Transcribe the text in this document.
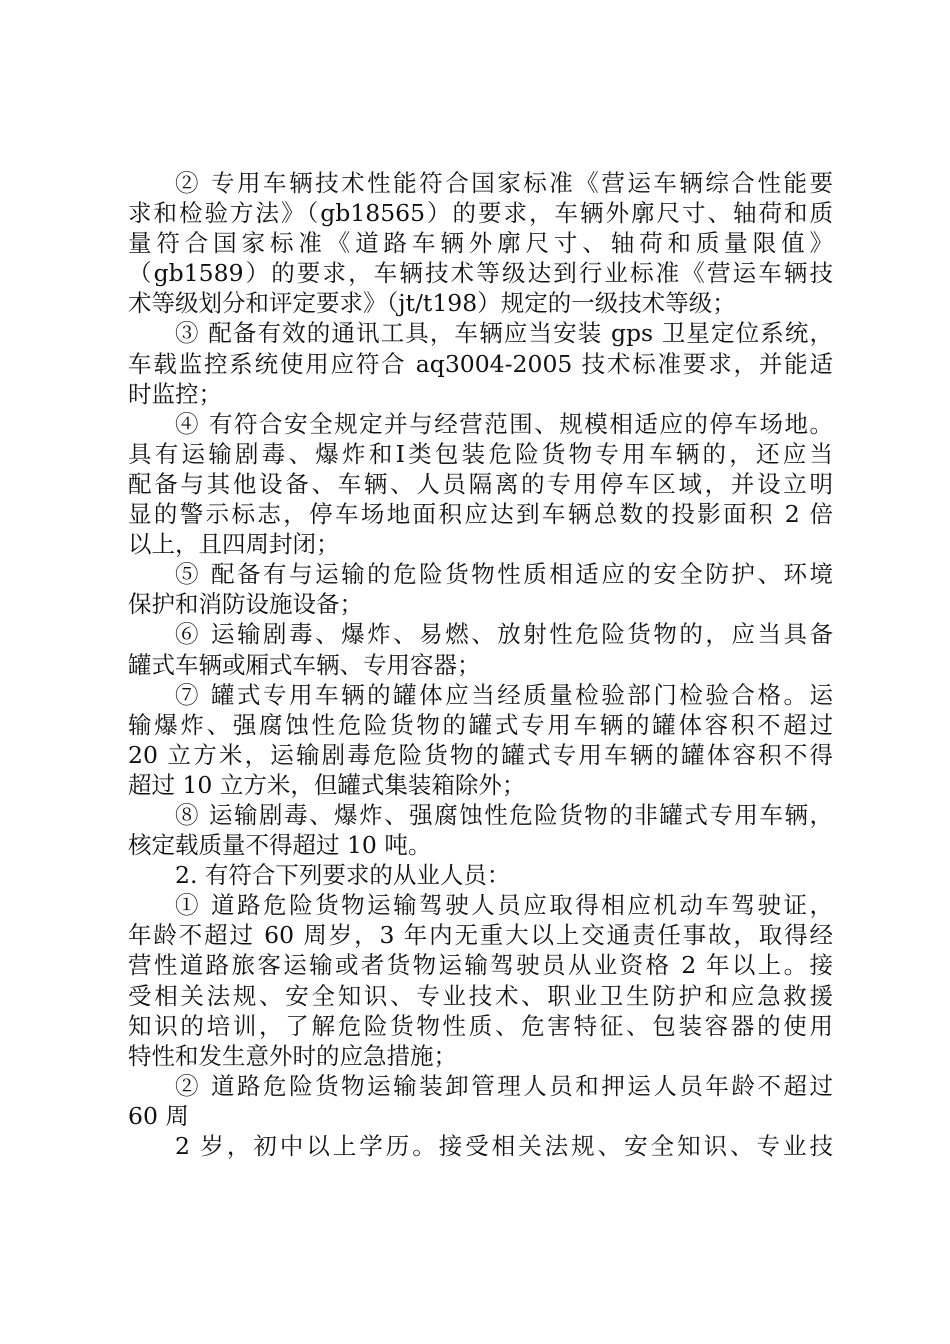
② 专用车辆技术性能符合国家标准《营运车辆综合性能要
求和检验方法》（gb18565）的要求，车辆外廓尺寸、轴荷和质
量符合国家标准《道路车辆外廓尺寸、轴荷和质量限值》
（gb1589）的要求，车辆技术等级达到行业标准《营运车辆技
术等级划分和评定要求》（jt/t198）规定的一级技术等级；
③ 配备有效的通讯工具，车辆应当安装 gps 卫星定位系统，
车载监控系统使用应符合 aq3004-2005 技术标准要求，并能适
时监控；
④ 有符合安全规定并与经营范围、规模相适应的停车场地。
具有运输剧毒、爆炸和Ⅰ类包装危险货物专用车辆的，还应当
配备与其他设备、车辆、人员隔离的专用停车区域，并设立明
显的警示标志，停车场地面积应达到车辆总数的投影面积 2 倍
以上，且四周封闭；
⑤ 配备有与运输的危险货物性质相适应的安全防护、环境
保护和消防设施设备；
⑥ 运输剧毒、爆炸、易燃、放射性危险货物的，应当具备
罐式车辆或厢式车辆、专用容器；
⑦ 罐式专用车辆的罐体应当经质量检验部门检验合格。运
输爆炸、强腐蚀性危险货物的罐式专用车辆的罐体容积不超过
20 立方米，运输剧毒危险货物的罐式专用车辆的罐体容积不得
超过 10 立方米，但罐式集装箱除外；
⑧ 运输剧毒、爆炸、强腐蚀性危险货物的非罐式专用车辆，
核定载质量不得超过 10 吨。
2. 有符合下列要求的从业人员：
① 道路危险货物运输驾驶人员应取得相应机动车驾驶证，
年龄不超过 60 周岁，3 年内无重大以上交通责任事故，取得经
营性道路旅客运输或者货物运输驾驶员从业资格 2 年以上。接
受相关法规、安全知识、专业技术、职业卫生防护和应急救援
知识的培训，了解危险货物性质、危害特征、包装容器的使用
特性和发生意外时的应急措施；
② 道路危险货物运输装卸管理人员和押运人员年龄不超过
60 周
2 岁，初中以上学历。接受相关法规、安全知识、专业技
